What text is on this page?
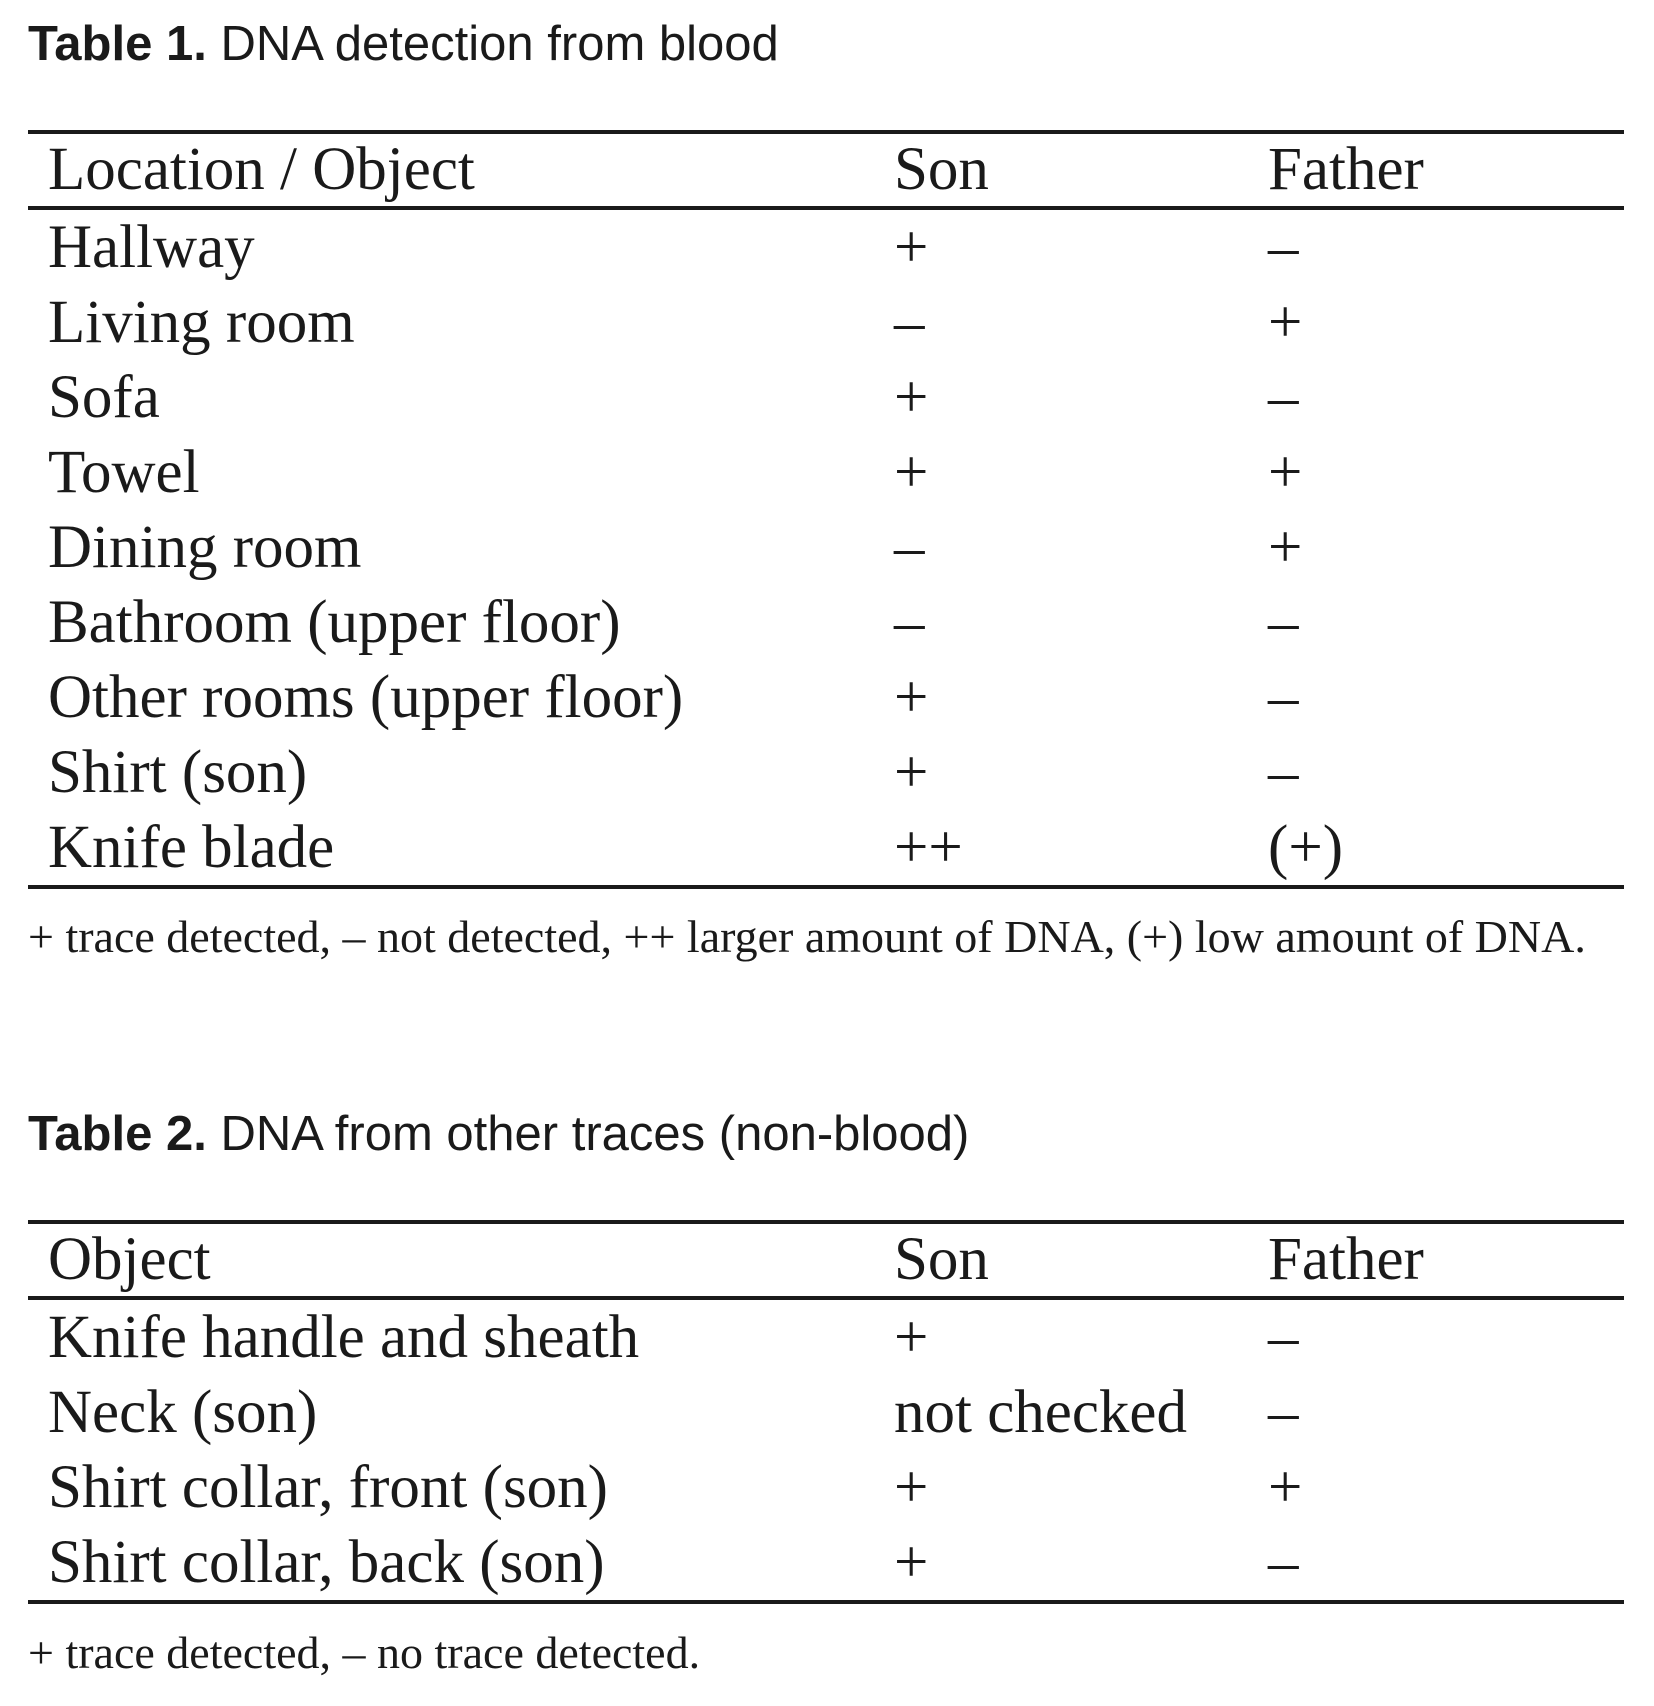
Table 1. DNA detection from blood

Location / Object	Son	Father
Hallway	+	–
Living room	–	+
Sofa	+	–
Towel	+	+
Dining room	–	+
Bathroom (upper floor)	–	–
Other rooms (upper floor)	+	–
Shirt (son)	+	–
Knife blade	++	(+)

+ trace detected, – not detected, ++ larger amount of DNA, (+) low amount of DNA.

Table 2. DNA from other traces (non-blood)

Object	Son	Father
Knife handle and sheath	+	–
Neck (son)	not checked	–
Shirt collar, front (son)	+	+
Shirt collar, back (son)	+	–

+ trace detected, – no trace detected.
